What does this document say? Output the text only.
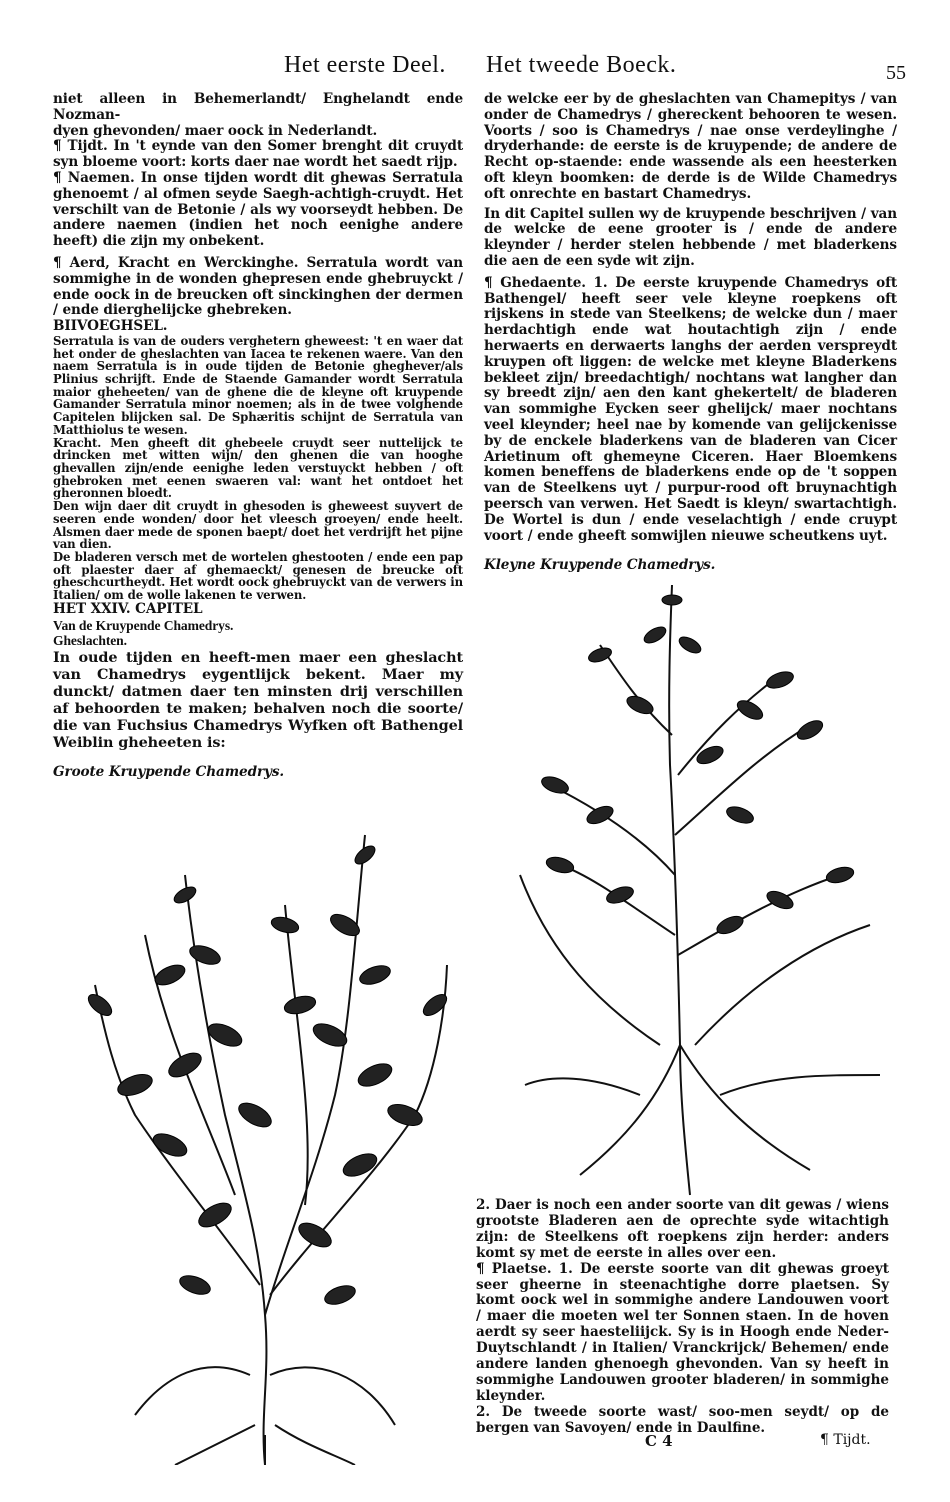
Het eerste Deel. Het tweede Boeck.	55

niet alleen in Behemerlandt/ Enghelandt ende Nozman-

dyen ghevonden/ maer oock in Nederlandt.

¶ Tijdt. In 't eynde van den Somer brenght dit cruydt syn bloeme voort: korts daer nae wordt het saedt rijp.

¶ Naemen. In onse tijden wordt dit ghewas Serratula ghenoemt / al ofmen seyde Saegh-achtigh-cruydt. Het verschilt van de Betonie / als wy voorseydt hebben. De andere naemen (indien het noch eenighe andere heeft) die zijn my onbekent.

¶ Aerd, Kracht en Werckinghe. Serratula wordt van sommighe in de wonden ghepresen ende ghebruyckt / ende oock in de breucken oft sinckinghen der dermen / ende dierghelijcke ghebreken.

BIIVOEGHSEL.

Serratula is van de ouders verghetern gheweest: 't en waer dat het onder de gheslachten van Iacea te rekenen waere. Van den naem Serratula is in oude tijden de Betonie gheghever/als Plinius schrijft. Ende de Staende Gamander wordt Serratula maior gheheeten/ van de ghene die de kleyne oft kruypende Gamander Serratula minor noemen; als in de twee volghende Capitelen blijcken sal. De Sphæritis schijnt de Serratula van Matthiolus te wesen.

Kracht. Men gheeft dit ghebeele cruydt seer nuttelijck te drincken met witten wijn/ den ghenen die van hooghe ghevallen zijn/ende eenighe leden verstuyckt hebben / oft ghebroken met eenen swaeren val: want het ontdoet het gheronnen bloedt.

Den wijn daer dit cruydt in ghesoden is gheweest suyvert de seeren ende wonden/ door het vleesch groeyen/ ende heelt. Alsmen daer mede de sponen baept/ doet het verdrijft het pijne van dien.

De bladeren versch met de wortelen ghestooten / ende een pap oft plaester daer af ghemaeckt/ genesen de breucke oft gheschcurtheydt. Het wordt oock ghebruyckt van de verwers in Italien/ om de wolle lakenen te verwen.

HET XXIV. CAPITEL

Van de Kruypende Chamedrys.

Gheslachten.

In oude tijden en heeft-men maer een gheslacht van Chamedrys eygentlijck bekent. Maer my dunckt/ datmen daer ten minsten drij verschillen af behoorden te maken; behalven noch die soorte/ die van Fuchsius Chamedrys Wyfken oft Bathengel Weiblin gheheeten is:

Groote Kruypende Chamedrys.

de welcke eer by de gheslachten van Chamepitys / van onder de Chamedrys / ghereckent behooren te wesen. Voorts / soo is Chamedrys / nae onse verdeylinghe / dryderhande: de eerste is de kruypende; de andere de Recht op-staende: ende wassende als een heesterken oft kleyn boomken: de derde is de Wilde Chamedrys oft onrechte en bastart Chamedrys.

In dit Capitel sullen wy de kruypende beschrijven / van de welcke de eene grooter is / ende de andere kleynder / herder stelen hebbende / met bladerkens die aen de een syde wit zijn.

¶ Ghedaente. 1. De eerste kruypende Chamedrys oft Bathengel/ heeft seer vele kleyne roepkens oft rijskens in stede van Steelkens; de welcke dun / maer herdachtigh ende wat houtachtigh zijn / ende herwaerts en derwaerts langhs der aerden verspreydt kruypen oft liggen: de welcke met kleyne Bladerkens bekleet zijn/ breedachtigh/ nochtans wat langher dan sy breedt zijn/ aen den kant ghekertelt/ de bladeren van sommighe Eycken seer ghelijck/ maer nochtans veel kleynder; heel nae by komende van gelijckenisse by de enckele bladerkens van de bladeren van Cicer Arietinum oft ghemeyne Ciceren. Haer Bloemkens komen beneffens de bladerkens ende op de 't soppen van de Steelkens uyt / purpur-rood oft bruynachtigh peersch van verwen. Het Saedt is kleyn/ swartachtigh. De Wortel is dun / ende veselachtigh / ende cruypt voort / ende gheeft somwijlen nieuwe scheutkens uyt.

Kleyne Kruypende Chamedrys.

2. Daer is noch een ander soorte van dit gewas / wiens grootste Bladeren aen de oprechte syde witachtigh zijn: de Steelkens oft roepkens zijn herder: anders komt sy met de eerste in alles over een.

¶ Plaetse. 1. De eerste soorte van dit ghewas groeyt seer gheerne in steenachtighe dorre plaetsen. Sy komt oock wel in sommighe andere Landouwen voort / maer die moeten wel ter Sonnen staen. In de hoven aerdt sy seer haesteliijck. Sy is in Hoogh ende Neder-Duytschlandt / in Italien/ Vranckrijck/ Behemen/ ende andere landen ghenoegh ghevonden. Van sy heeft in sommighe Landouwen grooter bladeren/ in sommighe kleynder.

2. De tweede soorte wast/ soo-men seydt/ op de bergen van Savoyen/ ende in Daulfine.

C 4	¶ Tijdt.
